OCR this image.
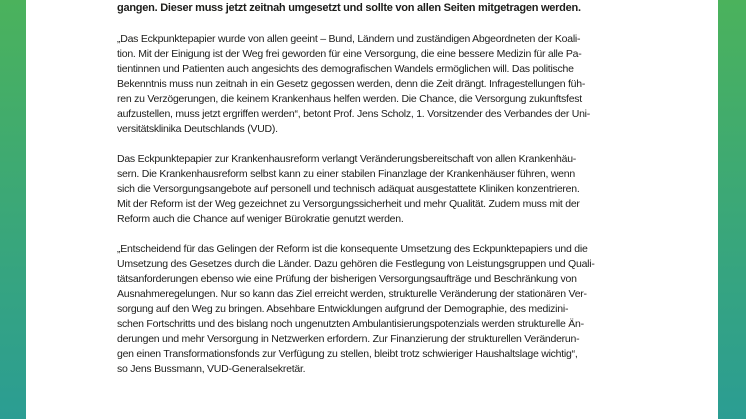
gangen. Dieser muss jetzt zeitnah umgesetzt und sollte von allen Seiten mitgetragen werden.
„Das Eckpunktepapier wurde von allen geeint – Bund, Ländern und zuständigen Abgeordneten der Koali-
tion. Mit der Einigung ist der Weg frei geworden für eine Versorgung, die eine bessere Medizin für alle Pa-
tientinnen und Patienten auch angesichts des demografischen Wandels ermöglichen will. Das politische
Bekenntnis muss nun zeitnah in ein Gesetz gegossen werden, denn die Zeit drängt. Infragestellungen füh-
ren zu Verzögerungen, die keinem Krankenhaus helfen werden. Die Chance, die Versorgung zukunftsfest
aufzustellen, muss jetzt ergriffen werden“, betont Prof. Jens Scholz, 1. Vorsitzender des Verbandes der Uni-
versitätsklinika Deutschlands (VUD).
Das Eckpunktepapier zur Krankenhausreform verlangt Veränderungsbereitschaft von allen Krankenhäu-
sern. Die Krankenhausreform selbst kann zu einer stabilen Finanzlage der Krankenhäuser führen, wenn
sich die Versorgungsangebote auf personell und technisch adäquat ausgestattete Kliniken konzentrieren.
Mit der Reform ist der Weg gezeichnet zu Versorgungssicherheit und mehr Qualität. Zudem muss mit der
Reform auch die Chance auf weniger Bürokratie genutzt werden.
„Entscheidend für das Gelingen der Reform ist die konsequente Umsetzung des Eckpunktepapiers und die
Umsetzung des Gesetzes durch die Länder. Dazu gehören die Festlegung von Leistungsgruppen und Quali-
tätsanforderungen ebenso wie eine Prüfung der bisherigen Versorgungsaufträge und Beschränkung von
Ausnahmeregelungen. Nur so kann das Ziel erreicht werden, strukturelle Veränderung der stationären Ver-
sorgung auf den Weg zu bringen. Absehbare Entwicklungen aufgrund der Demographie, des medizini-
schen Fortschritts und des bislang noch ungenutzten Ambulantisierungspotenzials werden strukturelle Än-
derungen und mehr Versorgung in Netzwerken erfordern. Zur Finanzierung der strukturellen Veränderun-
gen einen Transformationsfonds zur Verfügung zu stellen, bleibt trotz schwieriger Haushaltslage wichtig“,
so Jens Bussmann, VUD-Generalsekretär.
